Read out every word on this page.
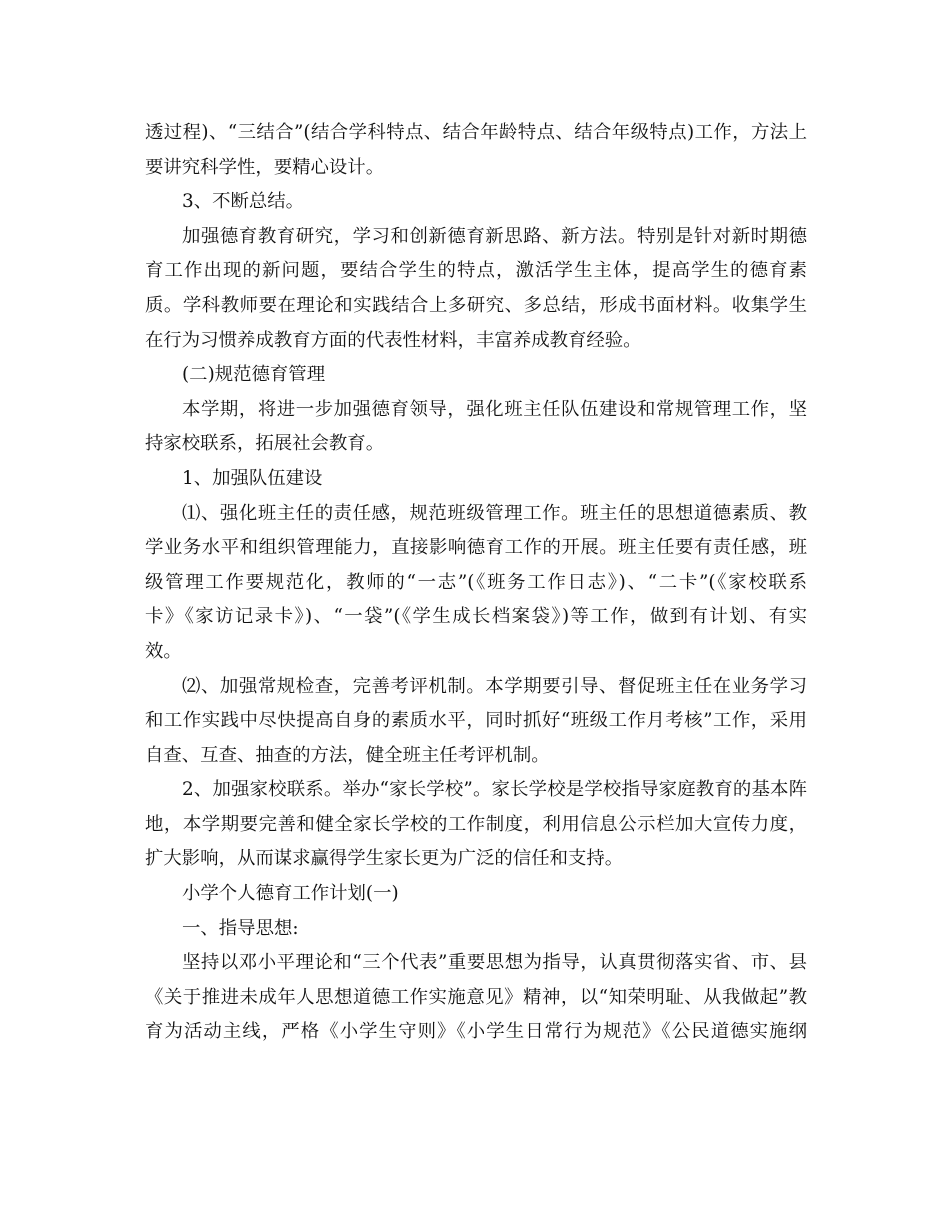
透过程)、“三结合”(结合学科特点、结合年龄特点、结合年级特点)工作，方法上
要讲究科学性，要精心设计。
3、不断总结。
加强德育教育研究，学习和创新德育新思路、新方法。特别是针对新时期德
育工作出现的新问题，要结合学生的特点，激活学生主体，提高学生的德育素
质。学科教师要在理论和实践结合上多研究、多总结，形成书面材料。收集学生
在行为习惯养成教育方面的代表性材料，丰富养成教育经验。
(二)规范德育管理
本学期，将进一步加强德育领导，强化班主任队伍建设和常规管理工作，坚
持家校联系，拓展社会教育。
1、加强队伍建设
⑴、强化班主任的责任感，规范班级管理工作。班主任的思想道德素质、教
学业务水平和组织管理能力，直接影响德育工作的开展。班主任要有责任感，班
级管理工作要规范化，教师的“一志”(《班务工作日志》)、“二卡”(《家校联系
卡》《家访记录卡》)、“一袋”(《学生成长档案袋》)等工作，做到有计划、有实
效。
⑵、加强常规检查，完善考评机制。本学期要引导、督促班主任在业务学习
和工作实践中尽快提高自身的素质水平，同时抓好“班级工作月考核”工作，采用
自查、互查、抽查的方法，健全班主任考评机制。
2、加强家校联系。举办“家长学校”。家长学校是学校指导家庭教育的基本阵
地，本学期要完善和健全家长学校的工作制度，利用信息公示栏加大宣传力度，
扩大影响，从而谋求赢得学生家长更为广泛的信任和支持。
小学个人德育工作计划(一)
一、指导思想:
坚持以邓小平理论和“三个代表”重要思想为指导，认真贯彻落实省、市、县
《关于推进未成年人思想道德工作实施意见》精神，以“知荣明耻、从我做起”教
育为活动主线，严格《小学生守则》《小学生日常行为规范》《公民道德实施纲
